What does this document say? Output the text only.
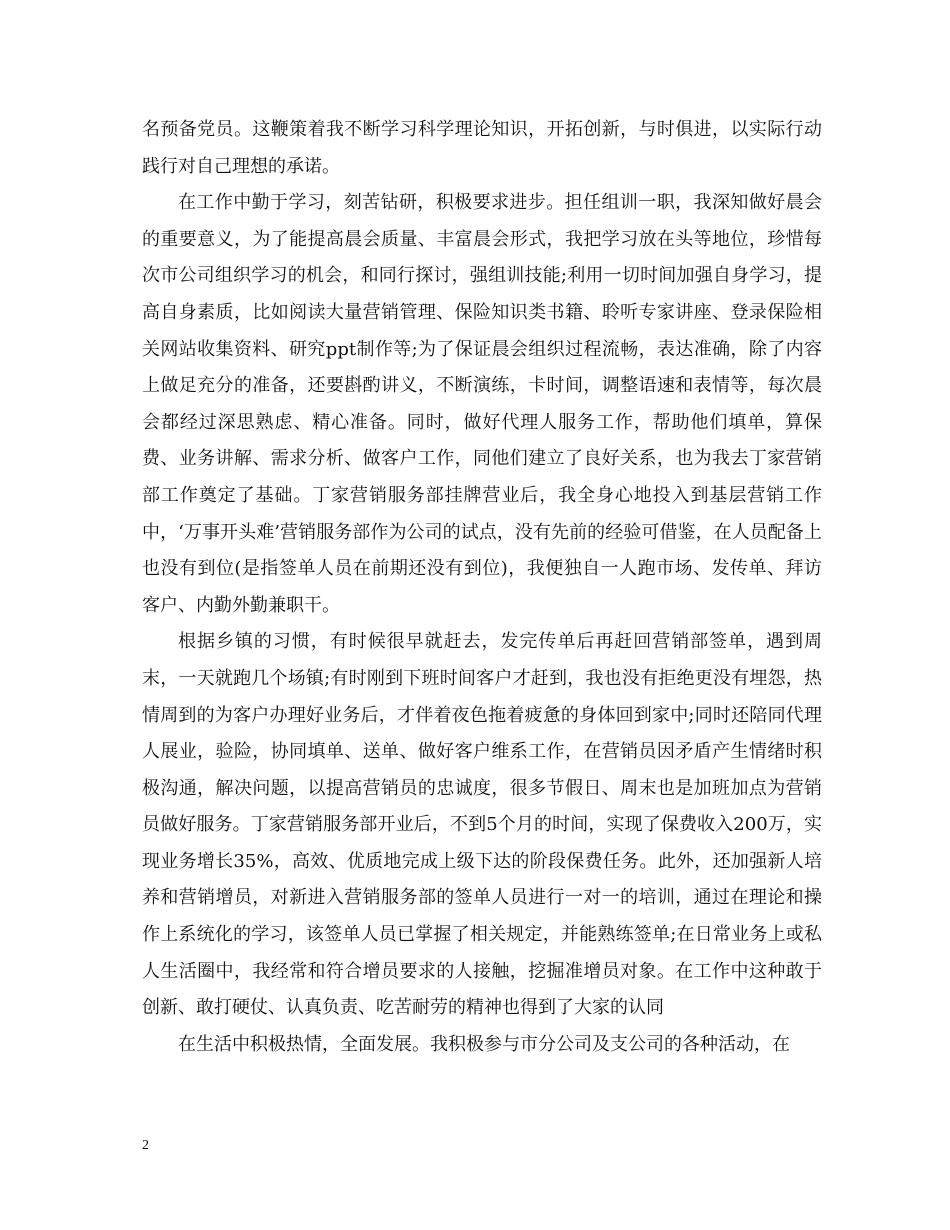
名预备党员。这鞭策着我不断学习科学理论知识，开拓创新，与时俱进，以实际行动践行对自己理想的承诺。

在工作中勤于学习，刻苦钻研，积极要求进步。担任组训一职，我深知做好晨会的重要意义，为了能提高晨会质量、丰富晨会形式，我把学习放在头等地位，珍惜每次市公司组织学习的机会，和同行探讨，强组训技能;利用一切时间加强自身学习，提高自身素质，比如阅读大量营销管理、保险知识类书籍、聆听专家讲座、登录保险相关网站收集资料、研究ppt制作等;为了保证晨会组织过程流畅，表达准确，除了内容上做足充分的准备，还要斟酌讲义，不断演练，卡时间，调整语速和表情等，每次晨会都经过深思熟虑、精心准备。同时，做好代理人服务工作，帮助他们填单，算保费、业务讲解、需求分析、做客户工作，同他们建立了良好关系，也为我去丁家营销部工作奠定了基础。丁家营销服务部挂牌营业后，我全身心地投入到基层营销工作中，‘万事开头难’营销服务部作为公司的试点，没有先前的经验可借鉴，在人员配备上也没有到位(是指签单人员在前期还没有到位)，我便独自一人跑市场、发传单、拜访客户、内勤外勤兼职干。

根据乡镇的习惯，有时候很早就赶去，发完传单后再赶回营销部签单，遇到周末，一天就跑几个场镇;有时刚到下班时间客户才赶到，我也没有拒绝更没有埋怨，热情周到的为客户办理好业务后，才伴着夜色拖着疲惫的身体回到家中;同时还陪同代理人展业，验险，协同填单、送单、做好客户维系工作，在营销员因矛盾产生情绪时积极沟通，解决问题，以提高营销员的忠诚度，很多节假日、周末也是加班加点为营销员做好服务。丁家营销服务部开业后，不到5个月的时间，实现了保费收入200万，实现业务增长35%，高效、优质地完成上级下达的阶段保费任务。此外，还加强新人培养和营销增员，对新进入营销服务部的签单人员进行一对一的培训，通过在理论和操作上系统化的学习，该签单人员已掌握了相关规定，并能熟练签单;在日常业务上或私人生活圈中，我经常和符合增员要求的人接触，挖掘准增员对象。在工作中这种敢于创新、敢打硬仗、认真负责、吃苦耐劳的精神也得到了大家的认同

在生活中积极热情，全面发展。我积极参与市分公司及支公司的各种活动，在

2
